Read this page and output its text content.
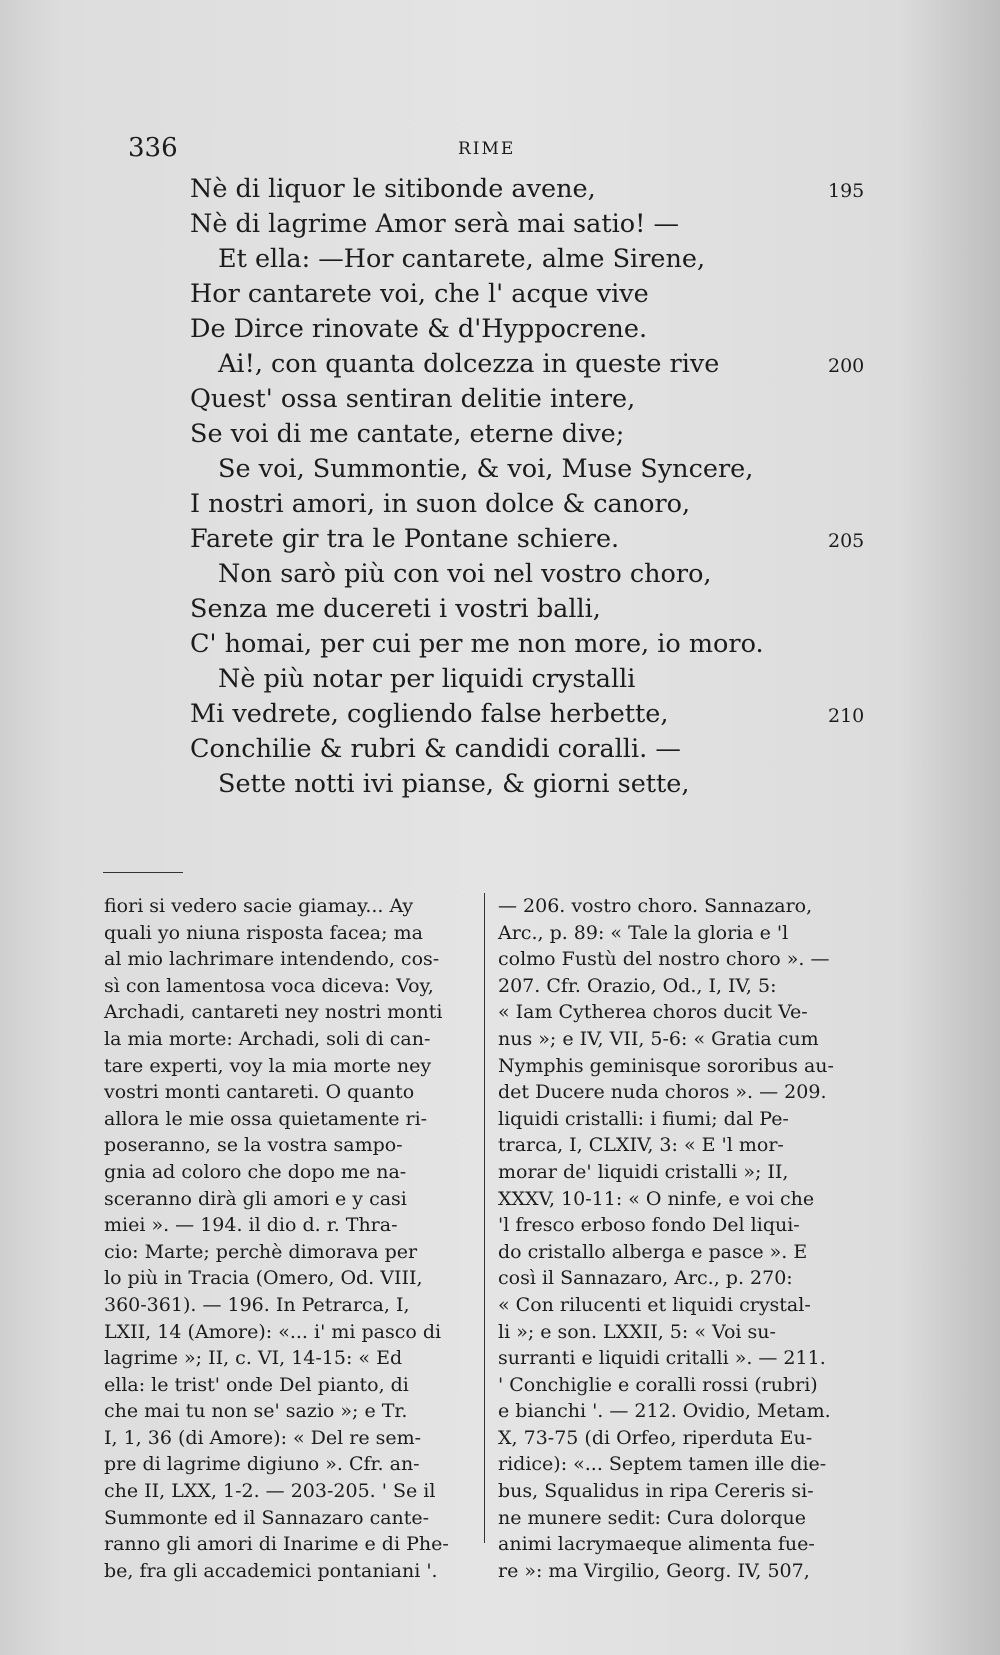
336	RIME
Nè di liquor le sitibonde avene,	195
Nè di lagrime Amor serà mai satio! —
Et ella: —Hor cantarete, alme Sirene,
Hor cantarete voi, che l' acque vive
De Dirce rinovate & d'Hyppocrene.
Ai!, con quanta dolcezza in queste rive	200
Quest' ossa sentiran delitie intere,
Se voi di me cantate, eterne dive;
Se voi, Summontie, & voi, Muse Syncere,
I nostri amori, in suon dolce & canoro,
Farete gir tra le Pontane schiere.	205
Non sarò più con voi nel vostro choro,
Senza me ducereti i vostri balli,
C' homai, per cui per me non more, io moro.
Nè più notar per liquidi crystalli
Mi vedrete, cogliendo false herbette,	210
Conchilie & rubri & candidi coralli. —
Sette notti ivi pianse, & giorni sette,
fiori si vedero sacie giamay... Ay
quali yo niuna risposta facea; ma
al mio lachrimare intendendo, cos-
sì con lamentosa voca diceva: Voy,
Archadi, cantareti ney nostri monti
la mia morte: Archadi, soli di can-
tare experti, voy la mia morte ney
vostri monti cantareti. O quanto
allora le mie ossa quietamente ri-
poseranno, se la vostra sampo-
gnia ad coloro che dopo me na-
sceranno dirà gli amori e y casi
miei ». — 194. il dio d. r. Thra-
cio: Marte; perchè dimorava per
lo più in Tracia (Omero, Od. VIII,
360-361). — 196. In Petrarca, I,
LXII, 14 (Amore): «... i' mi pasco di
lagrime »; II, c. VI, 14-15: « Ed
ella: le trist' onde Del pianto, di
che mai tu non se' sazio »; e Tr.
I, 1, 36 (di Amore): « Del re sem-
pre di lagrime digiuno ». Cfr. an-
che II, LXX, 1-2. — 203-205. ' Se il
Summonte ed il Sannazaro cante-
ranno gli amori di Inarime e di Phe-
be, fra gli accademici pontaniani '.
— 206. vostro choro. Sannazaro,
Arc., p. 89: « Tale la gloria e 'l
colmo Fustù del nostro choro ». —
207. Cfr. Orazio, Od., I, IV, 5:
« Iam Cytherea choros ducit Ve-
nus »; e IV, VII, 5-6: « Gratia cum
Nymphis geminisque sororibus au-
det Ducere nuda choros ». — 209.
liquidi cristalli: i fiumi; dal Pe-
trarca, I, CLXIV, 3: « E 'l mor-
morar de' liquidi cristalli »; II,
XXXV, 10-11: « O ninfe, e voi che
'l fresco erboso fondo Del liqui-
do cristallo alberga e pasce ». E
così il Sannazaro, Arc., p. 270:
« Con rilucenti et liquidi crystal-
li »; e son. LXXII, 5: « Voi su-
surranti e liquidi critalli ». — 211.
' Conchiglie e coralli rossi (rubri)
e bianchi '. — 212. Ovidio, Metam.
X, 73-75 (di Orfeo, riperduta Eu-
ridice): «... Septem tamen ille die-
bus, Squalidus in ripa Cereris si-
ne munere sedit: Cura dolorque
animi lacrymaeque alimenta fue-
re »: ma Virgilio, Georg. IV, 507,
